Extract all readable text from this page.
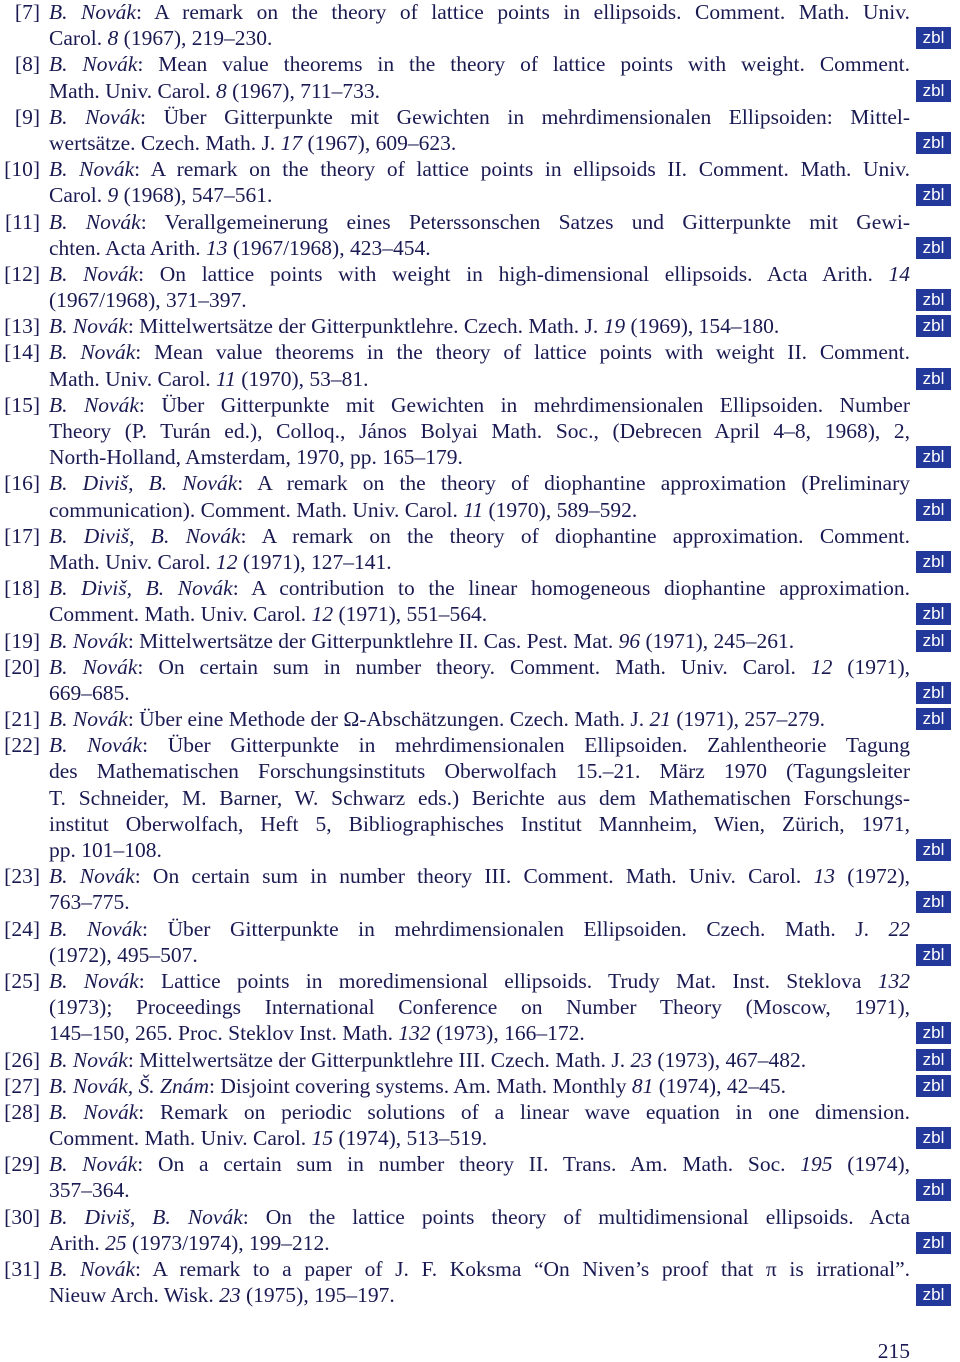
[7] B. Novák: A remark on the theory of lattice points in ellipsoids. Comment. Math. Univ.
Carol. 8 (1967), 219–230.	zbl
[8] B. Novák: Mean value theorems in the theory of lattice points with weight. Comment.
Math. Univ. Carol. 8 (1967), 711–733.	zbl
[9] B. Novák: Über Gitterpunkte mit Gewichten in mehrdimensionalen Ellipsoiden: Mittel-
wertsätze. Czech. Math. J. 17 (1967), 609–623.	zbl
[10] B. Novák: A remark on the theory of lattice points in ellipsoids II. Comment. Math. Univ.
Carol. 9 (1968), 547–561.	zbl
[11] B. Novák: Verallgemeinerung eines Peterssonschen Satzes und Gitterpunkte mit Gewi-
chten. Acta Arith. 13 (1967/1968), 423–454.	zbl
[12] B. Novák: On lattice points with weight in high-dimensional ellipsoids. Acta Arith. 14
(1967/1968), 371–397.	zbl
[13] B. Novák: Mittelwertsätze der Gitterpunktlehre. Czech. Math. J. 19 (1969), 154–180.	zbl
[14] B. Novák: Mean value theorems in the theory of lattice points with weight II. Comment.
Math. Univ. Carol. 11 (1970), 53–81.	zbl
[15] B. Novák: Über Gitterpunkte mit Gewichten in mehrdimensionalen Ellipsoiden. Number
Theory (P. Turán ed.), Colloq., János Bolyai Math. Soc., (Debrecen April 4–8, 1968), 2,
North-Holland, Amsterdam, 1970, pp. 165–179.	zbl
[16] B. Diviš, B. Novák: A remark on the theory of diophantine approximation (Preliminary
communication). Comment. Math. Univ. Carol. 11 (1970), 589–592.	zbl
[17] B. Diviš, B. Novák: A remark on the theory of diophantine approximation. Comment.
Math. Univ. Carol. 12 (1971), 127–141.	zbl
[18] B. Diviš, B. Novák: A contribution to the linear homogeneous diophantine approximation.
Comment. Math. Univ. Carol. 12 (1971), 551–564.	zbl
[19] B. Novák: Mittelwertsätze der Gitterpunktlehre II. Cas. Pest. Mat. 96 (1971), 245–261.	zbl
[20] B. Novák: On certain sum in number theory. Comment. Math. Univ. Carol. 12 (1971),
669–685.	zbl
[21] B. Novák: Über eine Methode der Ω-Abschätzungen. Czech. Math. J. 21 (1971), 257–279.	zbl
[22] B. Novák: Über Gitterpunkte in mehrdimensionalen Ellipsoiden. Zahlentheorie Tagung
des Mathematischen Forschungsinstituts Oberwolfach 15.–21. März 1970 (Tagungsleiter
T. Schneider, M. Barner, W. Schwarz eds.) Berichte aus dem Mathematischen Forschungs-
institut Oberwolfach, Heft 5, Bibliographisches Institut Mannheim, Wien, Zürich, 1971,
pp. 101–108.	zbl
[23] B. Novák: On certain sum in number theory III. Comment. Math. Univ. Carol. 13 (1972),
763–775.	zbl
[24] B. Novák: Über Gitterpunkte in mehrdimensionalen Ellipsoiden. Czech. Math. J. 22
(1972), 495–507.	zbl
[25] B. Novák: Lattice points in moredimensional ellipsoids. Trudy Mat. Inst. Steklova 132
(1973); Proceedings International Conference on Number Theory (Moscow, 1971),
145–150, 265. Proc. Steklov Inst. Math. 132 (1973), 166–172.	zbl
[26] B. Novák: Mittelwertsätze der Gitterpunktlehre III. Czech. Math. J. 23 (1973), 467–482.	zbl
[27] B. Novák, Š. Znám: Disjoint covering systems. Am. Math. Monthly 81 (1974), 42–45.	zbl
[28] B. Novák: Remark on periodic solutions of a linear wave equation in one dimension.
Comment. Math. Univ. Carol. 15 (1974), 513–519.	zbl
[29] B. Novák: On a certain sum in number theory II. Trans. Am. Math. Soc. 195 (1974),
357–364.	zbl
[30] B. Diviš, B. Novák: On the lattice points theory of multidimensional ellipsoids. Acta
Arith. 25 (1973/1974), 199–212.	zbl
[31] B. Novák: A remark to a paper of J. F. Koksma “On Niven’s proof that π is irrational”.
Nieuw Arch. Wisk. 23 (1975), 195–197.	zbl
215
